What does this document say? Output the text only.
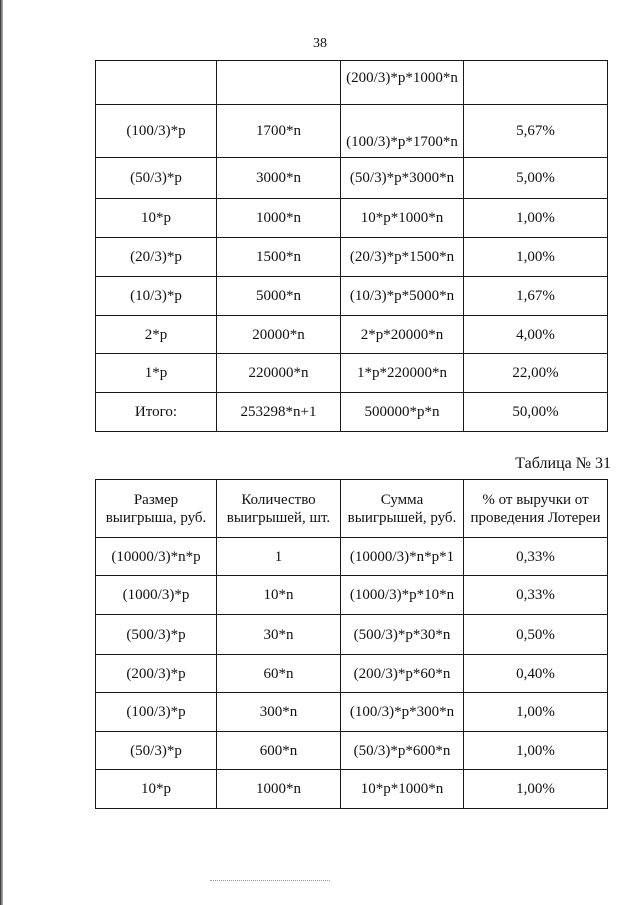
38
		(200/3)*p*1000*n	
(100/3)*p	1700*n	(100/3)*p*1700*n	5,67%
(50/3)*p	3000*n	(50/3)*p*3000*n	5,00%
10*p	1000*n	10*p*1000*n	1,00%
(20/3)*p	1500*n	(20/3)*p*1500*n	1,00%
(10/3)*p	5000*n	(10/3)*p*5000*n	1,67%
2*p	20000*n	2*p*20000*n	4,00%
1*p	220000*n	1*p*220000*n	22,00%
Итого:	253298*n+1	500000*p*n	50,00%
Таблица № 31
Размер выигрыша, руб.	Количество выигрышей, шт.	Сумма выигрышей, руб.	% от выручки от проведения Лотереи
(10000/3)*n*p	1	(10000/3)*n*p*1	0,33%
(1000/3)*p	10*n	(1000/3)*p*10*n	0,33%
(500/3)*p	30*n	(500/3)*p*30*n	0,50%
(200/3)*p	60*n	(200/3)*p*60*n	0,40%
(100/3)*p	300*n	(100/3)*p*300*n	1,00%
(50/3)*p	600*n	(50/3)*p*600*n	1,00%
10*p	1000*n	10*p*1000*n	1,00%
